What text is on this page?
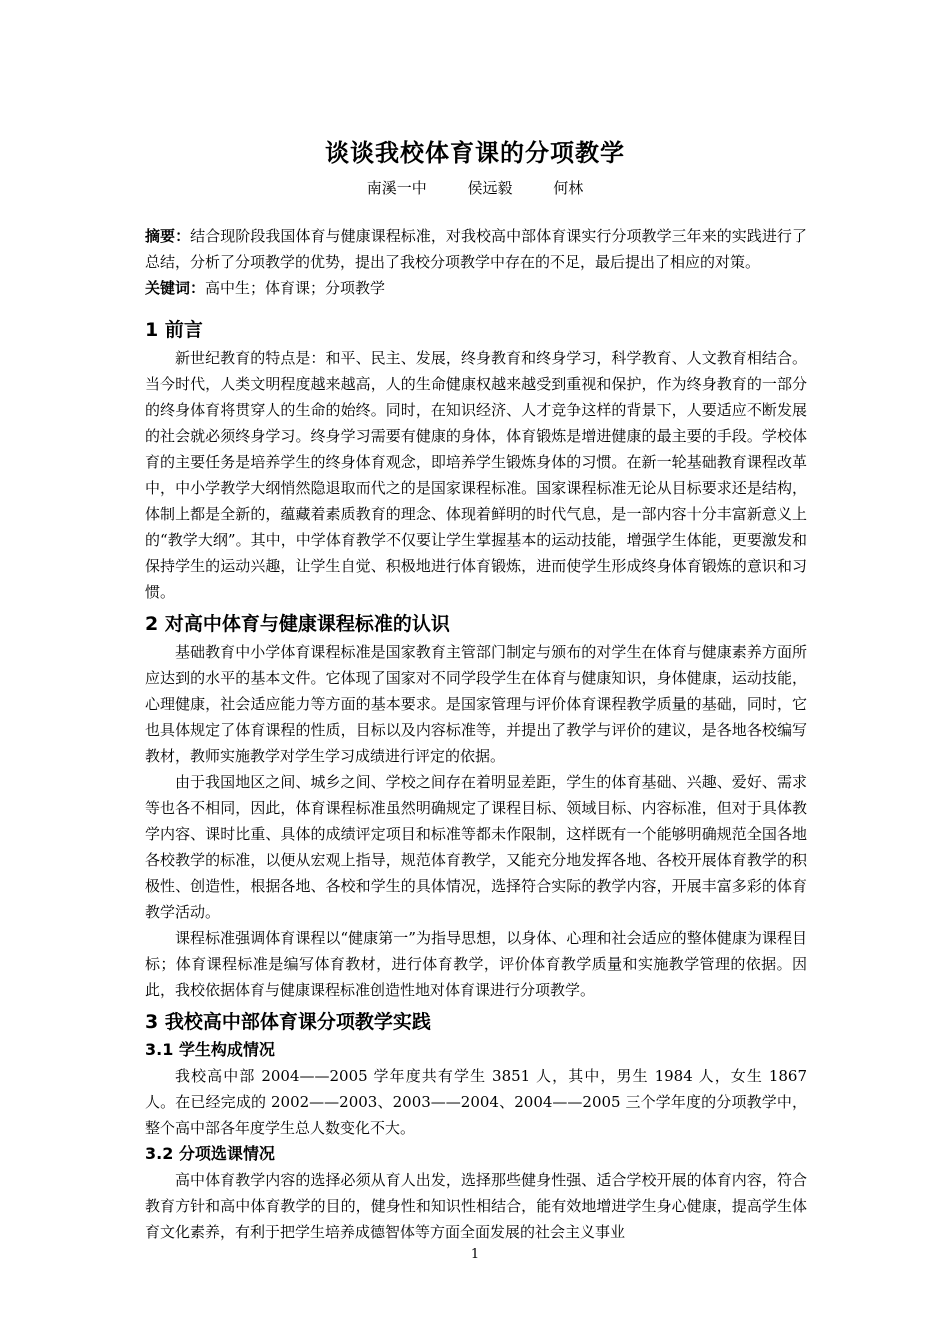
谈谈我校体育课的分项教学
南溪一中	侯远毅	何林

摘要：结合现阶段我国体育与健康课程标准，对我校高中部体育课实行分项教学三年来的实践进行了总结，分析了分项教学的优势，提出了我校分项教学中存在的不足，最后提出了相应的对策。

关键词：高中生；体育课；分项教学

1 前言

新世纪教育的特点是：和平、民主、发展，终身教育和终身学习，科学教育、人文教育相结合。当今时代，人类文明程度越来越高，人的生命健康权越来越受到重视和保护，作为终身教育的一部分的终身体育将贯穿人的生命的始终。同时，在知识经济、人才竞争这样的背景下，人要适应不断发展的社会就必须终身学习。终身学习需要有健康的身体，体育锻炼是增进健康的最主要的手段。学校体育的主要任务是培养学生的终身体育观念，即培养学生锻炼身体的习惯。在新一轮基础教育课程改革中，中小学教学大纲悄然隐退取而代之的是国家课程标准。国家课程标准无论从目标要求还是结构，体制上都是全新的，蕴藏着素质教育的理念、体现着鲜明的时代气息，是一部内容十分丰富新意义上的“教学大纲”。其中，中学体育教学不仅要让学生掌握基本的运动技能，增强学生体能，更要激发和保持学生的运动兴趣，让学生自觉、积极地进行体育锻炼，进而使学生形成终身体育锻炼的意识和习惯。

2 对高中体育与健康课程标准的认识

基础教育中小学体育课程标准是国家教育主管部门制定与颁布的对学生在体育与健康素养方面所应达到的水平的基本文件。它体现了国家对不同学段学生在体育与健康知识，身体健康，运动技能，心理健康，社会适应能力等方面的基本要求。是国家管理与评价体育课程教学质量的基础，同时，它也具体规定了体育课程的性质，目标以及内容标准等，并提出了教学与评价的建议，是各地各校编写教材，教师实施教学对学生学习成绩进行评定的依据。

由于我国地区之间、城乡之间、学校之间存在着明显差距，学生的体育基础、兴趣、爱好、需求等也各不相同，因此，体育课程标准虽然明确规定了课程目标、领域目标、内容标准，但对于具体教学内容、课时比重、具体的成绩评定项目和标准等都未作限制，这样既有一个能够明确规范全国各地各校教学的标准，以便从宏观上指导，规范体育教学，又能充分地发挥各地、各校开展体育教学的积极性、创造性，根据各地、各校和学生的具体情况，选择符合实际的教学内容，开展丰富多彩的体育教学活动。

课程标准强调体育课程以“健康第一”为指导思想，以身体、心理和社会适应的整体健康为课程目标；体育课程标准是编写体育教材，进行体育教学，评价体育教学质量和实施教学管理的依据。因此，我校依据体育与健康课程标准创造性地对体育课进行分项教学。

3 我校高中部体育课分项教学实践
3.1 学生构成情况

我校高中部 2004——2005 学年度共有学生 3851 人，其中，男生 1984 人，女生 1867 人。在已经完成的 2002——2003、2003——2004、2004——2005 三个学年度的分项教学中，整个高中部各年度学生总人数变化不大。

3.2 分项选课情况

高中体育教学内容的选择必须从育人出发，选择那些健身性强、适合学校开展的体育内容，符合教育方针和高中体育教学的目的，健身性和知识性相结合，能有效地增进学生身心健康，提高学生体育文化素养，有利于把学生培养成德智体等方面全面发展的社会主义事业

1
